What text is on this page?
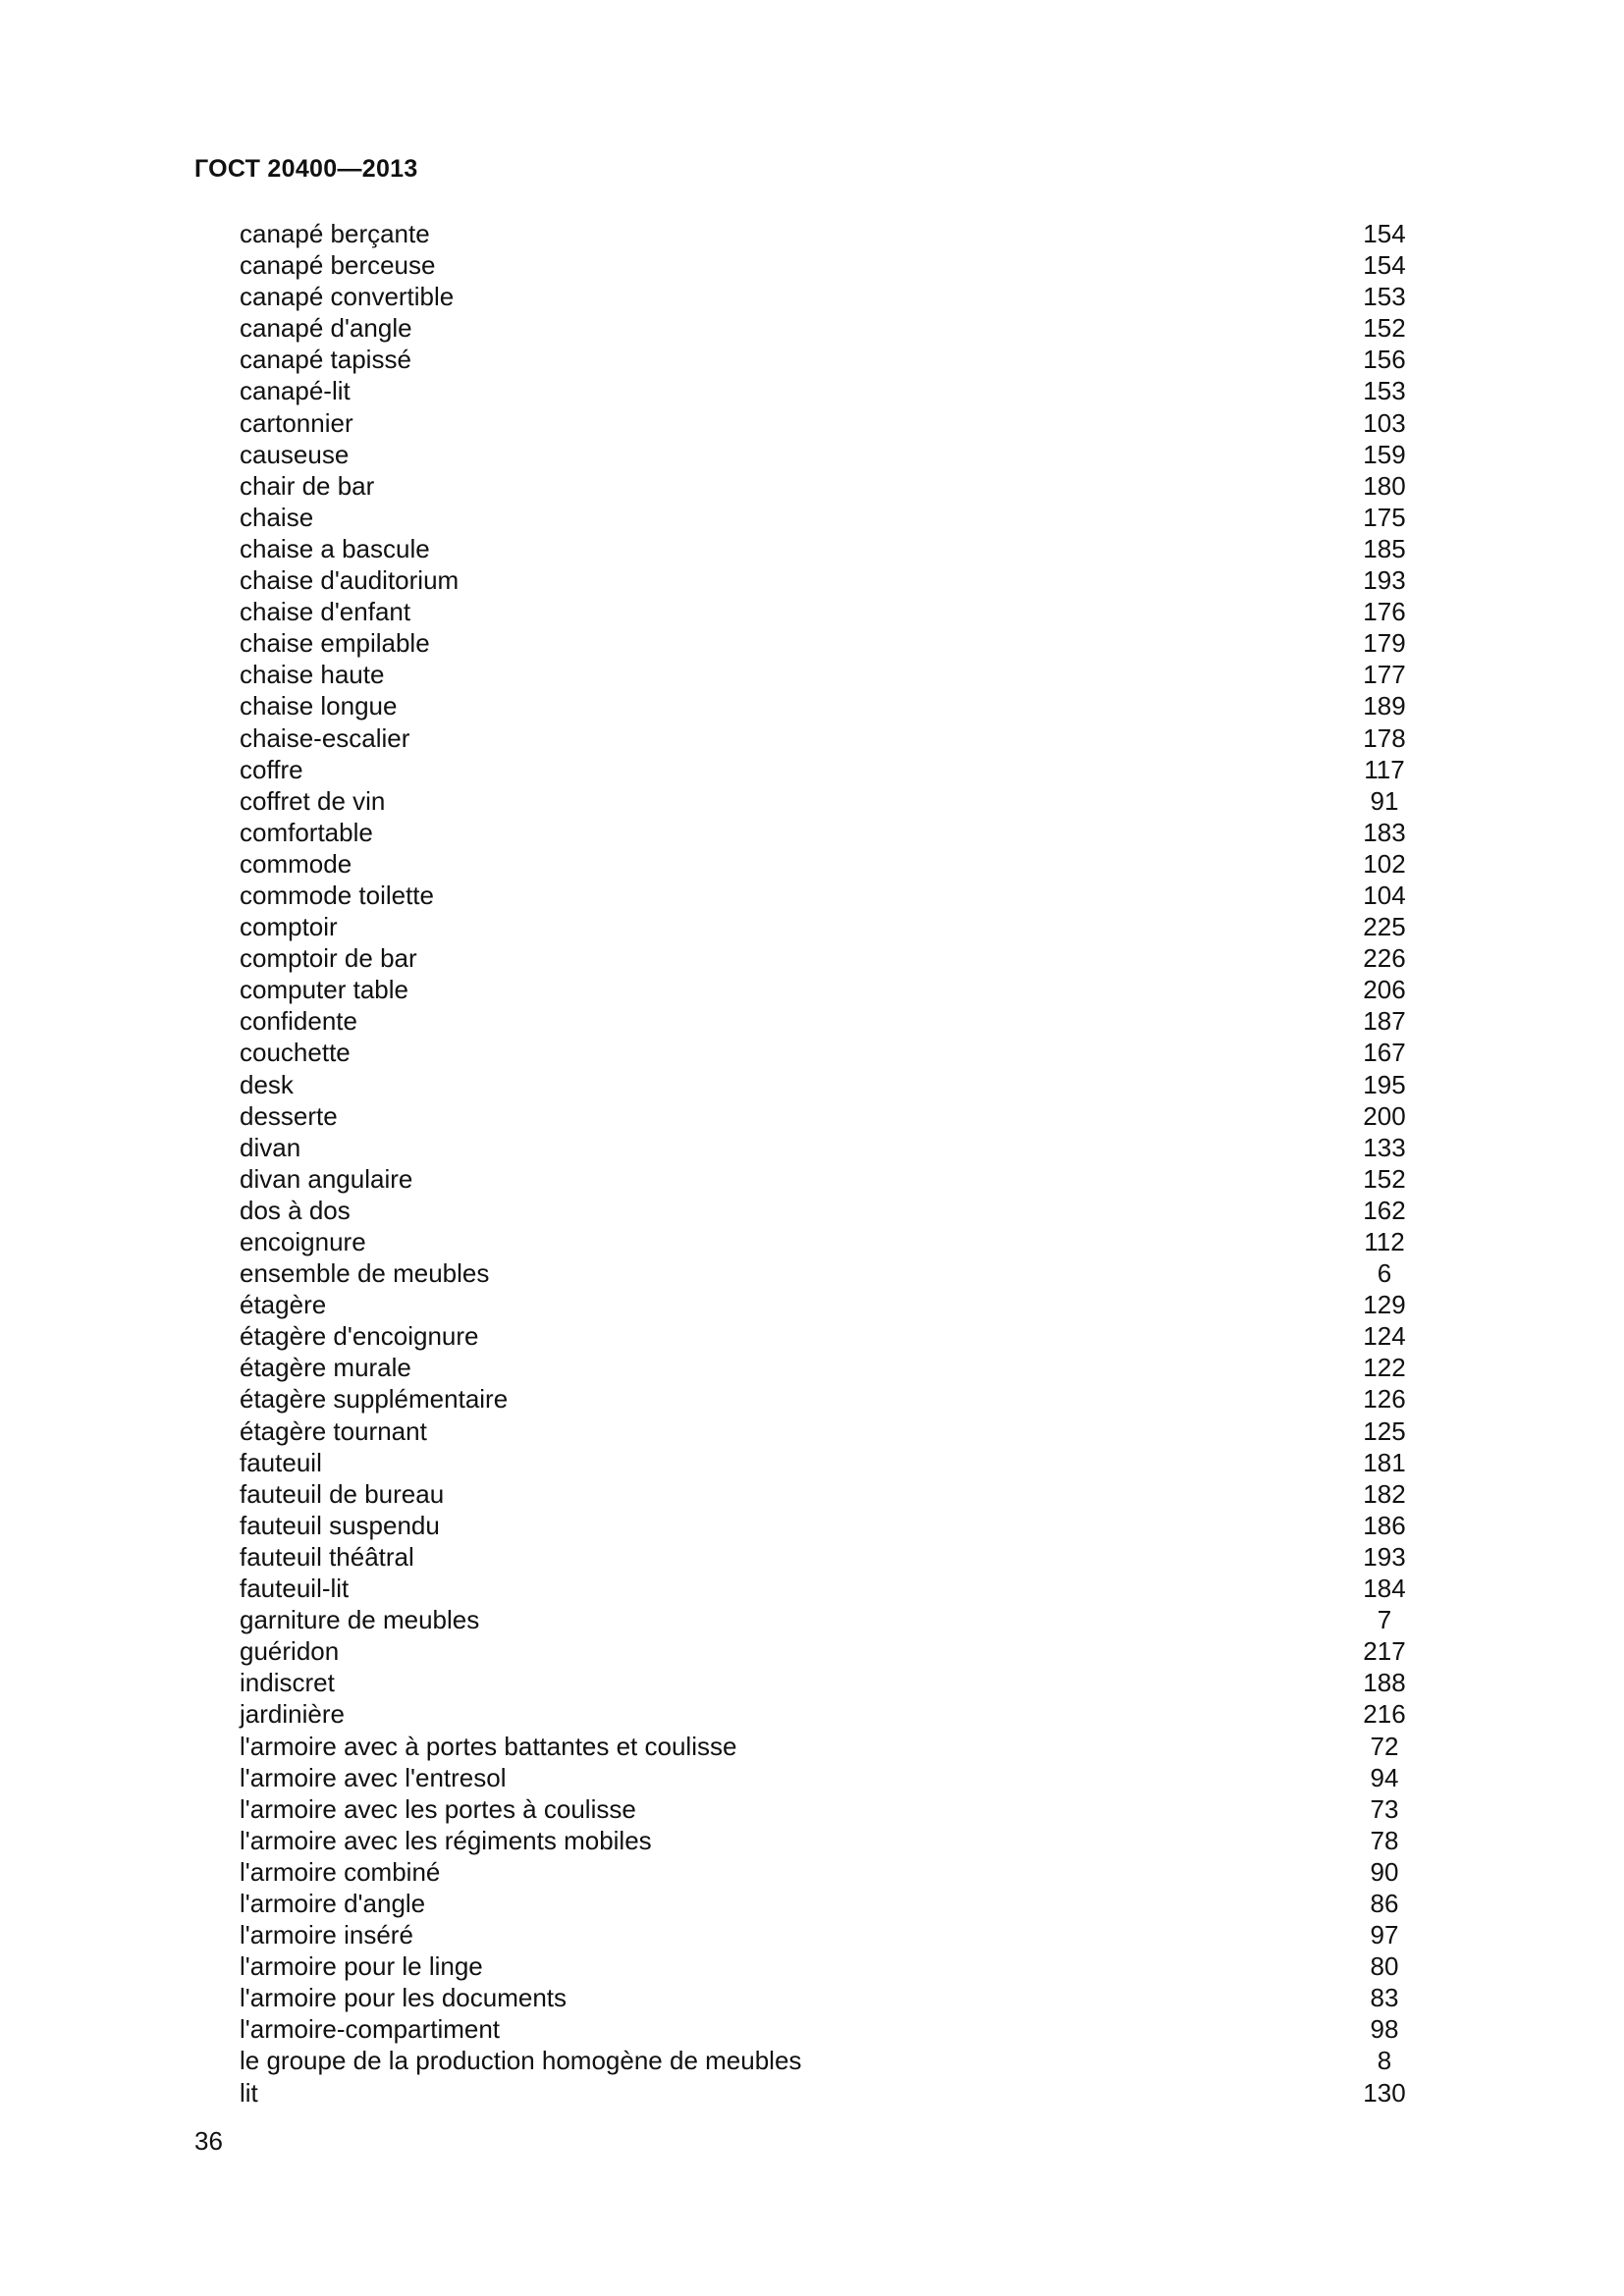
ГОСТ 20400—2013
canapé berçante	154
canapé berceuse	154
canapé convertible	153
canapé d'angle	152
canapé tapissé	156
canapé-lit	153
cartonnier	103
causeuse	159
chair de bar	180
chaise	175
chaise a bascule	185
chaise d'auditorium	193
chaise d'enfant	176
chaise empilable	179
chaise haute	177
chaise longue	189
chaise-escalier	178
coffre	117
coffret de vin	91
comfortable	183
commode	102
commode toilette	104
comptoir	225
comptoir de bar	226
computer table	206
confidente	187
couchette	167
desk	195
desserte	200
divan	133
divan angulaire	152
dos à dos	162
encoignure	112
ensemble de meubles	6
étagère	129
étagère d'encoignure	124
étagère murale	122
étagère supplémentaire	126
étagère tournant	125
fauteuil	181
fauteuil de bureau	182
fauteuil suspendu	186
fauteuil théâtral	193
fauteuil-lit	184
garniture de meubles	7
guéridon	217
indiscret	188
jardinière	216
l'armoire avec à portes battantes et coulisse	72
l'armoire avec l'entresol	94
l'armoire avec les portes à coulisse	73
l'armoire avec les régiments mobiles	78
l'armoire combiné	90
l'armoire d'angle	86
l'armoire inséré	97
l'armoire pour le linge	80
l'armoire pour les documents	83
l'armoire-compartiment	98
le groupe de la production homogène de meubles	8
lit	130
36
